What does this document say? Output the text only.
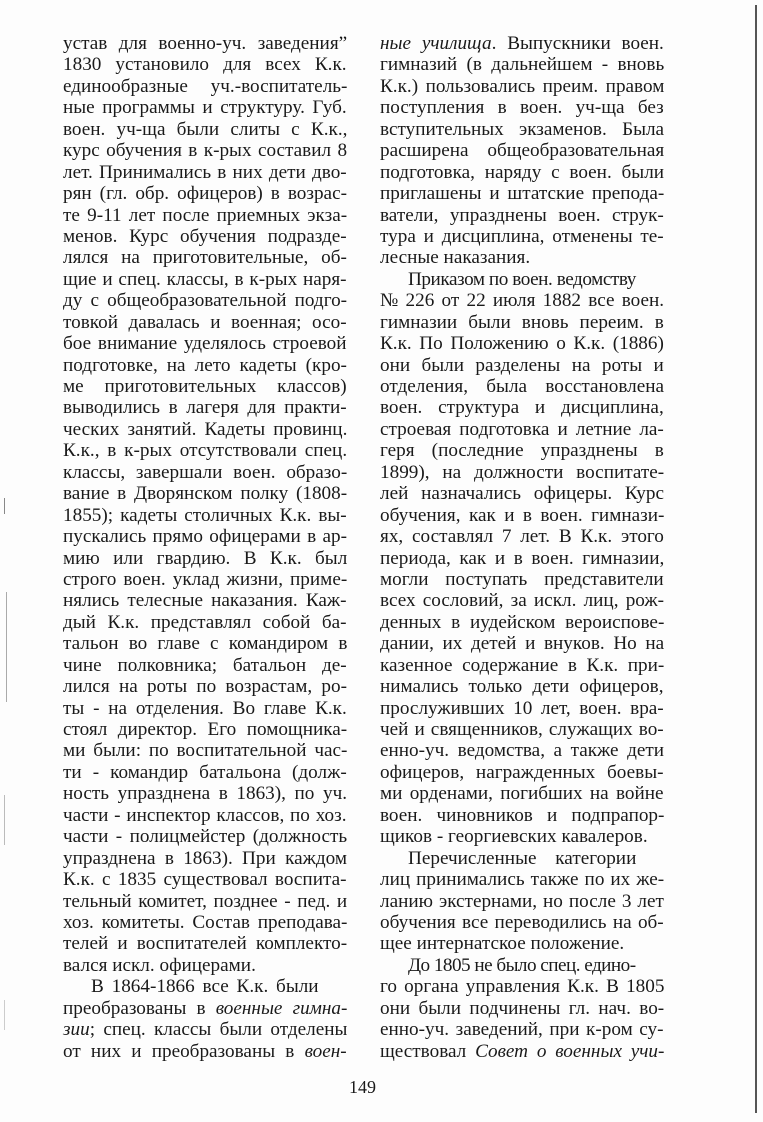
устав для военно-уч. заведения”
1830 установило для всех К.к.
единообразные уч.-воспитатель-
ные программы и структуру. Губ.
воен. уч-ща были слиты с К.к.,
курс обучения в к-рых составил 8
лет. Принимались в них дети дво-
рян (гл. обр. офицеров) в возрас-
те 9-11 лет после приемных экза-
менов. Курс обучения подразде-
лялся на приготовительные, об-
щие и спец. классы, в к-рых наря-
ду с общеобразовательной подго-
товкой давалась и военная; осо-
бое внимание уделялось строевой
подготовке, на лето кадеты (кро-
ме приготовительных классов)
выводились в лагеря для практи-
ческих занятий. Кадеты провинц.
К.к., в к-рых отсутствовали спец.
классы, завершали воен. образо-
вание в Дворянском полку (1808-
1855); кадеты столичных К.к. вы-
пускались прямо офицерами в ар-
мию или гвардию. В К.к. был
строго воен. уклад жизни, приме-
нялись телесные наказания. Каж-
дый К.к. представлял собой ба-
тальон во главе с командиром в
чине полковника; батальон де-
лился на роты по возрастам, ро-
ты - на отделения. Во главе К.к.
стоял директор. Его помощника-
ми были: по воспитательной час-
ти - командир батальона (долж-
ность упразднена в 1863), по уч.
части - инспектор классов, по хоз.
части - полицмейстер (должность
упразднена в 1863). При каждом
К.к. с 1835 существовал воспита-
тельный комитет, позднее - пед. и
хоз. комитеты. Состав преподава-
телей и воспитателей комплекто-
вался искл. офицерами.
В 1864-1866 все К.к. были
преобразованы в военные гимна-
зии; спец. классы были отделены
от них и преобразованы в воен-
ные училища. Выпускники воен.
гимназий (в дальнейшем - вновь
К.к.) пользовались преим. правом
поступления в воен. уч-ща без
вступительных экзаменов. Была
расширена общеобразовательная
подготовка, наряду с воен. были
приглашены и штатские препода-
ватели, упразднены воен. струк-
тура и дисциплина, отменены те-
лесные наказания.
Приказом по воен. ведомству
№ 226 от 22 июля 1882 все воен.
гимназии были вновь переим. в
К.к. По Положению о К.к. (1886)
они были разделены на роты и
отделения, была восстановлена
воен. структура и дисциплина,
строевая подготовка и летние ла-
геря (последние упразднены в
1899), на должности воспитате-
лей назначались офицеры. Курс
обучения, как и в воен. гимнази-
ях, составлял 7 лет. В К.к. этого
периода, как и в воен. гимназии,
могли поступать представители
всех сословий, за искл. лиц, рож-
денных в иудейском вероиспове-
дании, их детей и внуков. Но на
казенное содержание в К.к. при-
нимались только дети офицеров,
прослуживших 10 лет, воен. вра-
чей и священников, служащих во-
енно-уч. ведомства, а также дети
офицеров, награжденных боевы-
ми орденами, погибших на войне
воен. чиновников и подпрапор-
щиков - георгиевских кавалеров.
Перечисленные категории
лиц принимались также по их же-
ланию экстернами, но после 3 лет
обучения все переводились на об-
щее интернатское положение.
До 1805 не было спец. едино-
го органа управления К.к. В 1805
они были подчинены гл. нач. во-
енно-уч. заведений, при к-ром су-
ществовал Совет о военных учи-
149
